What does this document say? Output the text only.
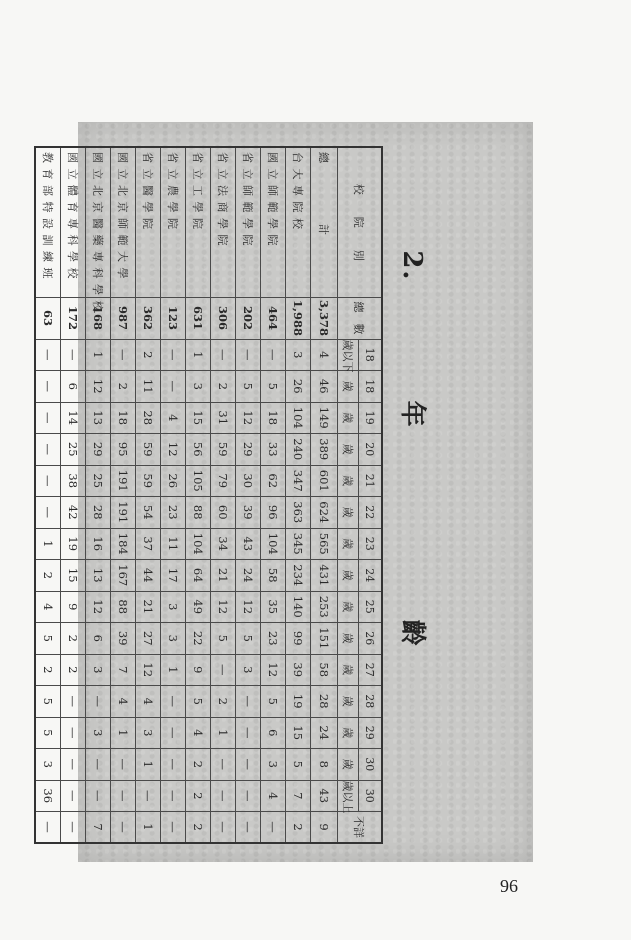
2. 年 齡
校　　院　　別	總　數	18	18	19	20	21	22	23	24	25	26	27	28	29	30	30	不詳
		歲以下	歲	歲	歲	歲	歲	歲	歲	歲	歲	歲	歲	歲	歲	歲以上	
總　　　　　計	3,378	4	46	149	389	601	624	565	431	253	151	58	28	24	8	43	9
台 大 專 院 校	1,988	3	26	104	240	347	363	345	234	140	99	39	19	15	5	7	2
國 立 師 範 學 院	464	—	5	18	33	62	96	104	58	35	23	12	5	6	3	4	—
省 立 師 範 學 院	202	—	5	12	29	30	39	43	24	12	5	3	—	—	—	—	—
省 立 法 商 學 院	306	—	2	31	59	79	60	34	21	12	5	—	2	1	—	—	—
省 立 工 學 院	631	1	3	15	56	105	88	104	64	49	22	9	5	4	2	2	2
省 立 農 學 院	123	—	—	4	12	26	23	11	17	3	3	1	—	—	—	—	—
省 立 醫 學 院	362	2	11	28	59	59	54	37	44	21	27	12	4	3	1	—	1
國 立 北 京 師 範 大 學	987	—	2	18	95	191	191	184	167	88	39	7	4	1	—	—	—
國 立 北 京 醫 藥 專 科 學 校	168	1	12	13	29	25	28	16	13	12	6	3	—	3	—	—	7
國 立 體 育 專 科 學 校	172	—	6	14	25	38	42	19	15	9	2	2	—	—	—	—	—
教 育 部 特 設 訓 練 班	63	—	—	—	—	—	—	1	2	4	5	2	5	5	3	36	—
96
